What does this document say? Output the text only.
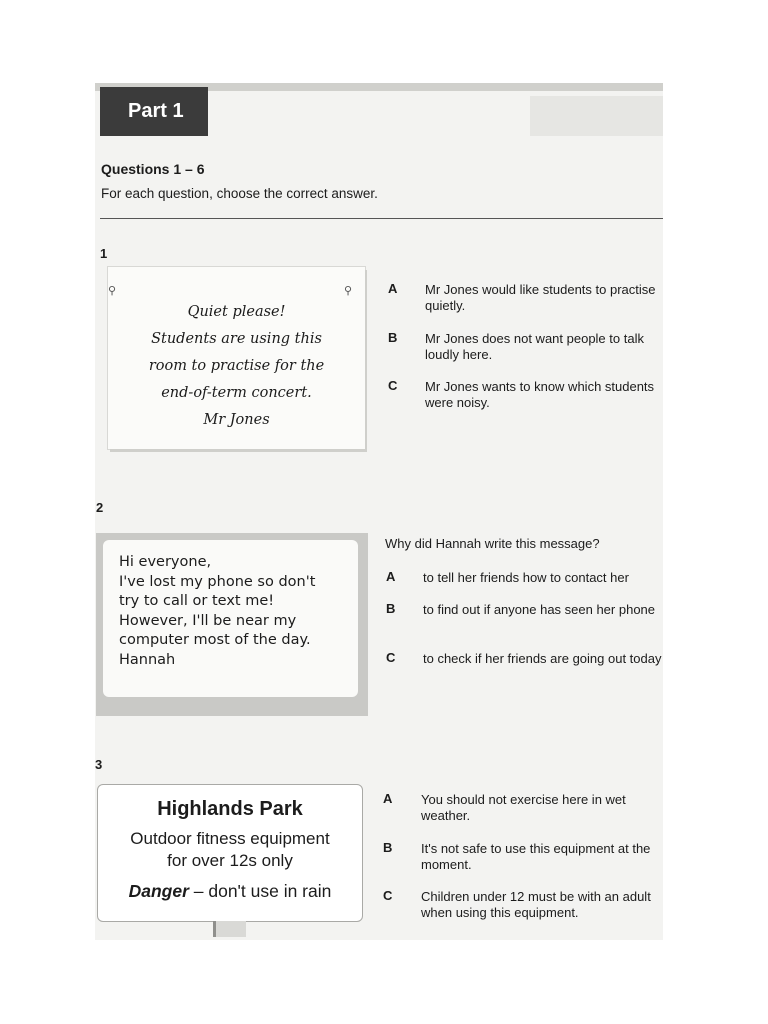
Part 1
Questions 1 – 6
For each question, choose the correct answer.
1
Quiet please!
Students are using this
room to practise for the
end-of-term concert.
Mr Jones
⚲	⚲	A Mr Jones would like students to practise quietly.
B Mr Jones does not want people to talk loudly here.
C Mr Jones wants to know which students were noisy.
2
Hi everyone,
I've lost my phone so don't
try to call or text me!
However, I'll be near my
computer most of the day.
Hannah
Why did Hannah write this message?
A to tell her friends how to contact her
B to find out if anyone has seen her phone
C to check if her friends are going out today
3
Highlands Park
Outdoor fitness equipment
for over 12s only
Danger – don't use in rain
A You should not exercise here in wet weather.
B It's not safe to use this equipment at the moment.
C Children under 12 must be with an adult when using this equipment.
